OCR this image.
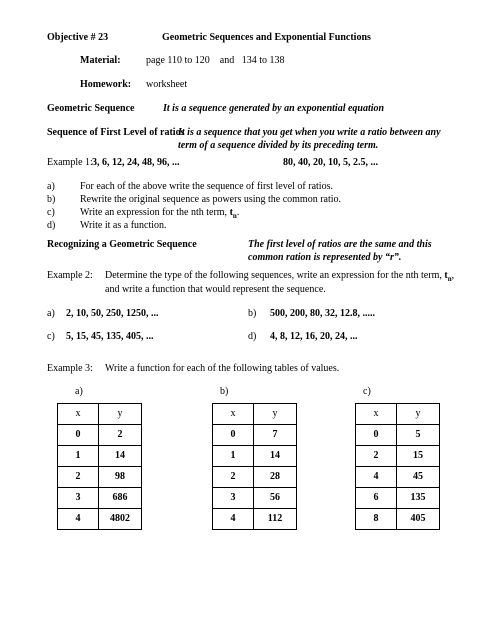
Objective # 23	Geometric Sequences and Exponential Functions
Material:	page 110 to 120    and   134 to 138
Homework: worksheet
Geometric Sequence	It is a sequence generated by an exponential equation
Sequence of First Level of ratios
It is a sequence that you get when you write a ratio between any term of a sequence divided by its preceding term.
Example 1: 3, 6, 12, 24, 48, 96, ...	80, 40, 20, 10, 5, 2.5, ...
a)	For each of the above write the sequence of first level of ratios.
b) Rewrite the original sequence as powers using the common ratio.
c)	Write an expression for the nth term, $t_n$.
d) Write it as a function.
Recognizing a Geometric Sequence	The first level of ratios are the same and this common ration is represented by “r”.
Example 2: Determine the type of the following sequences, write an expression for the nth term, $t_n$, and write a function that would represent the sequence.
a) 2, 10, 50, 250, 1250, ...	b) 500, 200, 80, 32, 12.8, .....
c) 5, 15, 45, 135, 405, ...	d) 4, 8, 12, 16, 20, 24, ...
Example 3: Write a function for each of the following tables of values.
a)	b)	c)
x	y
0	2
1	14
2	98
3	686
4	4802
x	y
0	7
1	14
2	28
3	56
4	112
x	y
0	5
2	15
4	45
6	135
8	405
